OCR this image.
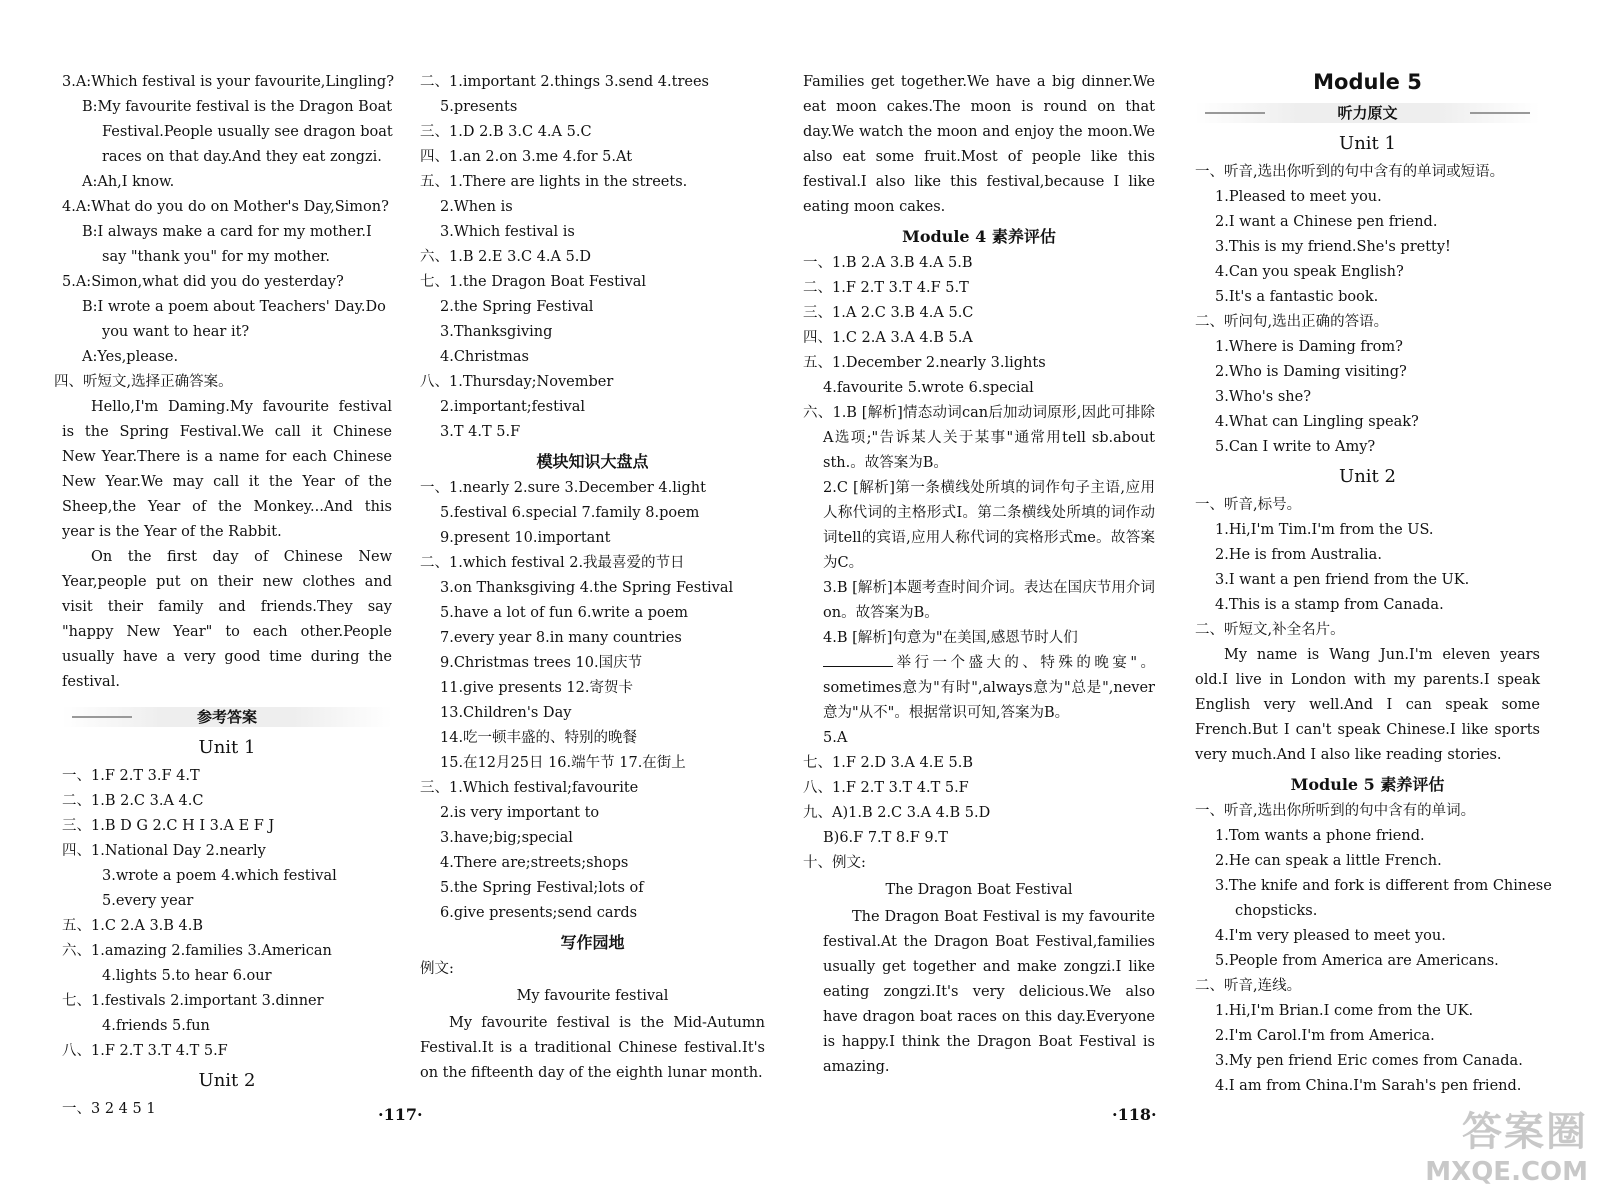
3.A:Which festival is your favourite,Lingling?
B:My favourite festival is the Dragon Boat
Festival.People usually see dragon boat
races on that day.And they eat zongzi.
A:Ah,I know.
4.A:What do you do on Mother's Day,Simon?
B:I always make a card for my mother.I
say "thank you" for my mother.
5.A:Simon,what did you do yesterday?
B:I wrote a poem about Teachers' Day.Do
you want to hear it?
A:Yes,please.
四、听短文,选择正确答案。

Hello,I'm Daming.My favourite festival is the Spring Festival.We call it Chinese New Year.There is a name for each Chinese New Year.We may call it the Year of the Sheep,the Year of the Monkey...And this year is the Year of the Rabbit.

On the first day of Chinese New Year,people put on their new clothes and visit their family and friends.They say "happy New Year" to each other.People usually have a very good time during the festival.

参考答案
Unit 1
一、1.F 2.T 3.F 4.T
二、1.B 2.C 3.A 4.C
三、1.B D G 2.C H I 3.A E F J
四、1.National Day 2.nearly
3.wrote a poem 4.which festival
5.every year
五、1.C 2.A 3.B 4.B
六、1.amazing 2.families 3.American
4.lights 5.to hear 6.our
七、1.festivals 2.important 3.dinner
4.friends 5.fun
八、1.F 2.T 3.T 4.T 5.F
Unit 2
一、3 2 4 5 1
二、1.important 2.things 3.send 4.trees
5.presents
三、1.D 2.B 3.C 4.A 5.C
四、1.an 2.on 3.me 4.for 5.At
五、1.There are lights in the streets.
2.When is
3.Which festival is
六、1.B 2.E 3.C 4.A 5.D
七、1.the Dragon Boat Festival
2.the Spring Festival
3.Thanksgiving
4.Christmas
八、1.Thursday;November
2.important;festival
3.T 4.T 5.F
模块知识大盘点
一、1.nearly 2.sure 3.December 4.light
5.festival 6.special 7.family 8.poem
9.present 10.important
二、1.which festival 2.我最喜爱的节日
3.on Thanksgiving 4.the Spring Festival
5.have a lot of fun 6.write a poem
7.every year 8.in many countries
9.Christmas trees 10.国庆节
11.give presents 12.寄贺卡
13.Children's Day
14.吃一顿丰盛的、特别的晚餐
15.在12月25日 16.端午节 17.在街上
三、1.Which festival;favourite
2.is very important to
3.have;big;special
4.There are;streets;shops
5.the Spring Festival;lots of
6.give presents;send cards
写作园地
例文:
My favourite festival

My favourite festival is the Mid-Autumn Festival.It is a traditional Chinese festival.It's on the fifteenth day of the eighth lunar month.

Families get together.We have a big dinner.We eat moon cakes.The moon is round on that day.We watch the moon and enjoy the moon.We also eat some fruit.Most of people like this festival.I also like this festival,because I like eating moon cakes.

Module 4 素养评估
一、1.B 2.A 3.B 4.A 5.B
二、1.F 2.T 3.T 4.F 5.T
三、1.A 2.C 3.B 4.A 5.C
四、1.C 2.A 3.A 4.B 5.A
五、1.December 2.nearly 3.lights
4.favourite 5.wrote 6.special

六、1.B [解析]情态动词can后加动词原形,因此可排除A选项;"告诉某人关于某事"通常用tell sb.about sth.。故答案为B。

2.C [解析]第一条横线处所填的词作句子主语,应用人称代词的主格形式I。第二条横线处所填的词作动词tell的宾语,应用人称代词的宾格形式me。故答案为C。

3.B [解析]本题考查时间介词。表达在国庆节用介词on。故答案为B。

4.B [解析]句意为"在美国,感恩节时人们
举行一个盛大的、特殊的晚宴"。 sometimes意为"有时",always意为"总是",never意为"从不"。根据常识可知,答案为B。

5.A
七、1.F 2.D 3.A 4.E 5.B
八、1.F 2.T 3.T 4.T 5.F
九、A)1.B 2.C 3.A 4.B 5.D
B)6.F 7.T 8.F 9.T
十、例文:
The Dragon Boat Festival

The Dragon Boat Festival is my favourite festival.At the Dragon Boat Festival,families usually get together and make zongzi.I like eating zongzi.It's very delicious.We also have dragon boat races on this day.Everyone is happy.I think the Dragon Boat Festival is amazing.

Module 5
听力原文
Unit 1
一、听音,选出你听到的句中含有的单词或短语。
1.Pleased to meet you.
2.I want a Chinese pen friend.
3.This is my friend.She's pretty!
4.Can you speak English?
5.It's a fantastic book.
二、听问句,选出正确的答语。
1.Where is Daming from?
2.Who is Daming visiting?
3.Who's she?
4.What can Lingling speak?
5.Can I write to Amy?
Unit 2
一、听音,标号。
1.Hi,I'm Tim.I'm from the US.
2.He is from Australia.
3.I want a pen friend from the UK.
4.This is a stamp from Canada.
二、听短文,补全名片。

My name is Wang Jun.I'm eleven years old.I live in London with my parents.I speak English very well.And I can speak some French.But I can't speak Chinese.I like sports very much.And I also like reading stories.

Module 5 素养评估
一、听音,选出你所听到的句中含有的单词。
1.Tom wants a phone friend.
2.He can speak a little French.
3.The knife and fork is different from Chinese
chopsticks.
4.I'm very pleased to meet you.
5.People from America are Americans.
二、听音,连线。
1.Hi,I'm Brian.I come from the UK.
2.I'm Carol.I'm from America.
3.My pen friend Eric comes from Canada.
4.I am from China.I'm Sarah's pen friend.
·117·	·118·	答案圈
MXQE.COM
